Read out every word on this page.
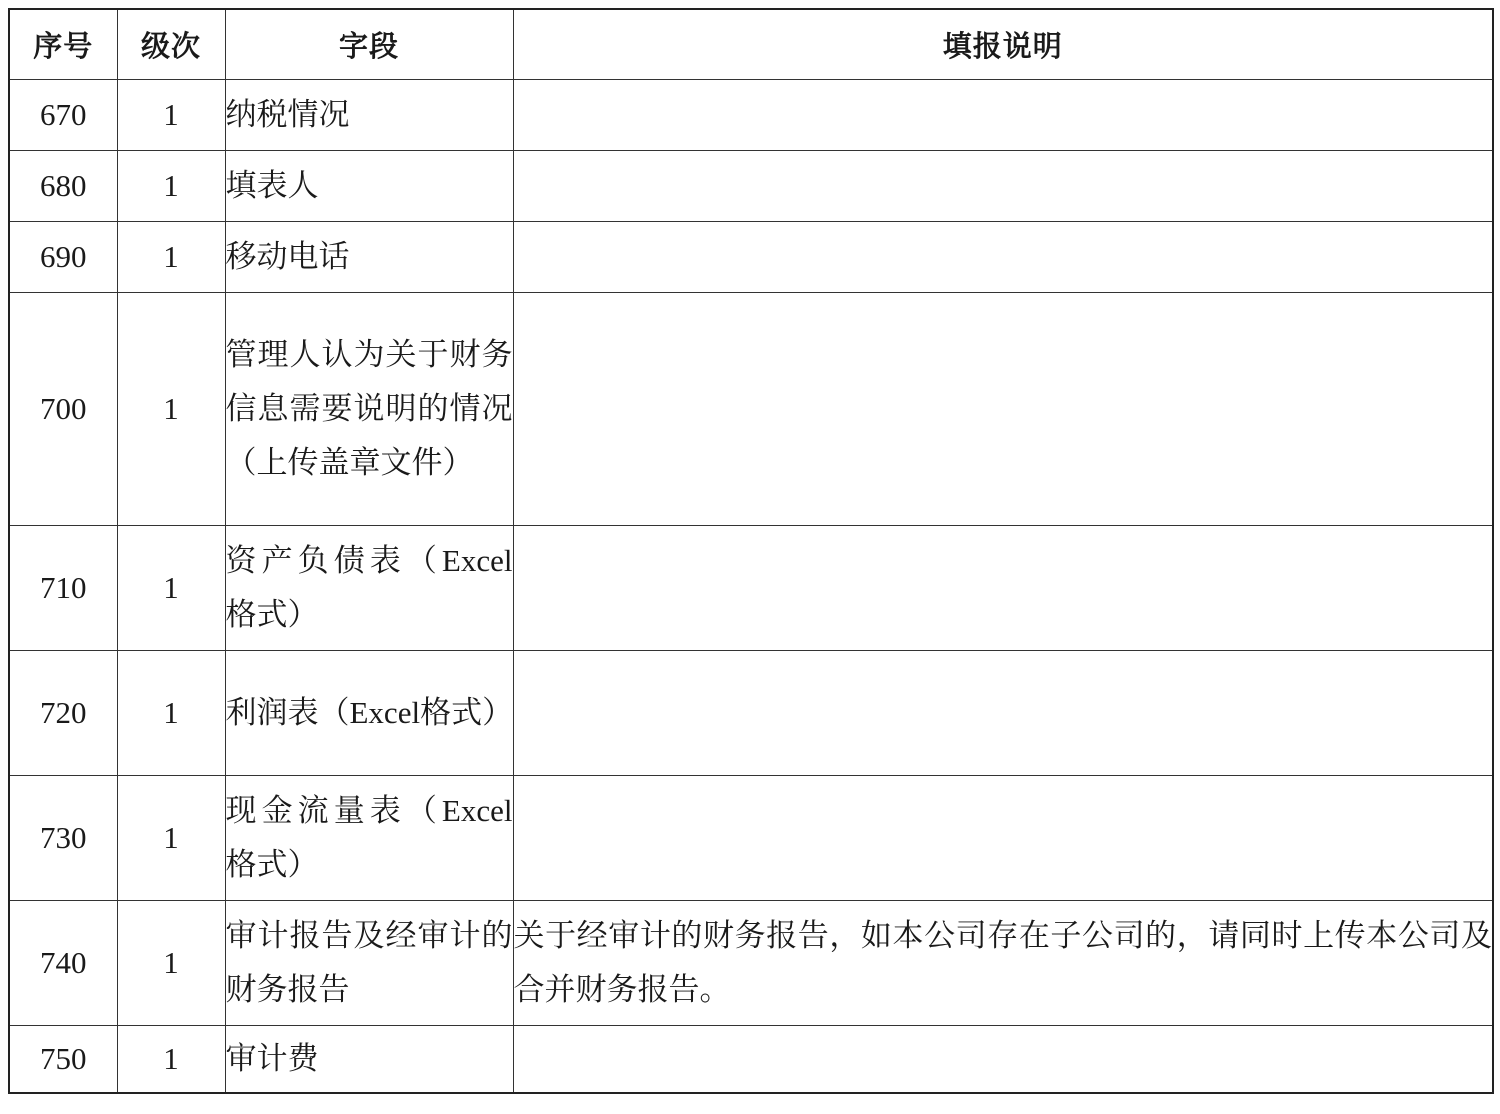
序号	级次	字段	填报说明
670	1	纳税情况	

680	1	填表人	

690	1	移动电话	

700	1	管理人认为关于财务信息需要说明的情况（上传盖章文件）	

710	1	资产负债表（Excel格式）	

720	1	利润表（Excel格式）	

730	1	现金流量表（Excel格式）	

740	1	审计报告及经审计的财务报告	关于经审计的财务报告，如本公司存在子公司的，请同时上传本公司及合并财务报告。

750	1	审计费	
